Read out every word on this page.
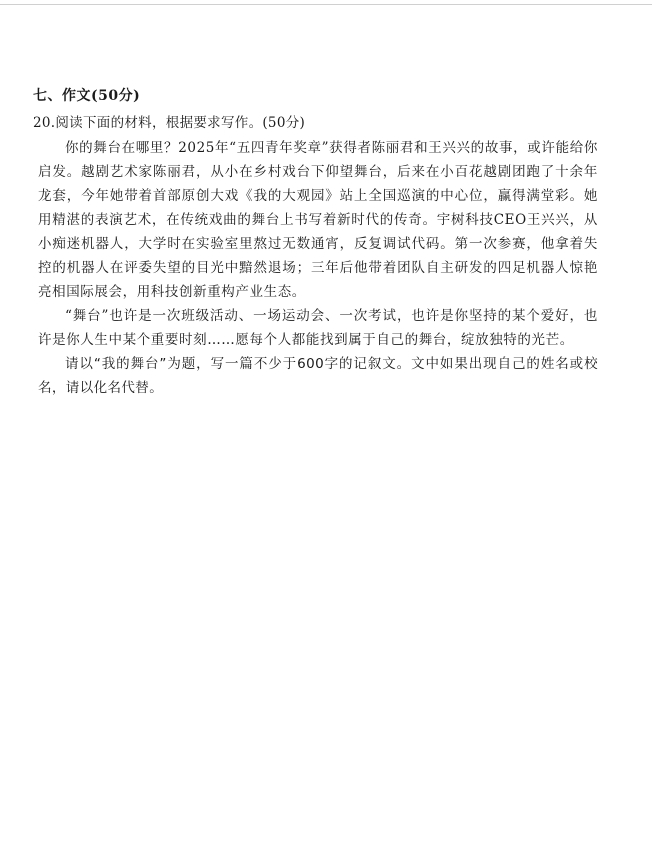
七、作文(50分)
20.阅读下面的材料，根据要求写作。(50分)

你的舞台在哪里？2025年“五四青年奖章”获得者陈丽君和王兴兴的故事，或许能给你启发。越剧艺术家陈丽君，从小在乡村戏台下仰望舞台，后来在小百花越剧团跑了十余年龙套，今年她带着首部原创大戏《我的大观园》站上全国巡演的中心位，赢得满堂彩。她用精湛的表演艺术，在传统戏曲的舞台上书写着新时代的传奇。宇树科技CEO王兴兴，从小痴迷机器人，大学时在实验室里熬过无数通宵，反复调试代码。第一次参赛，他拿着失控的机器人在评委失望的目光中黯然退场；三年后他带着团队自主研发的四足机器人惊艳亮相国际展会，用科技创新重构产业生态。

“舞台”也许是一次班级活动、一场运动会、一次考试，也许是你坚持的某个爱好，也许是你人生中某个重要时刻……愿每个人都能找到属于自己的舞台，绽放独特的光芒。

请以“我的舞台”为题，写一篇不少于600字的记叙文。文中如果出现自己的姓名或校名，请以化名代替。
